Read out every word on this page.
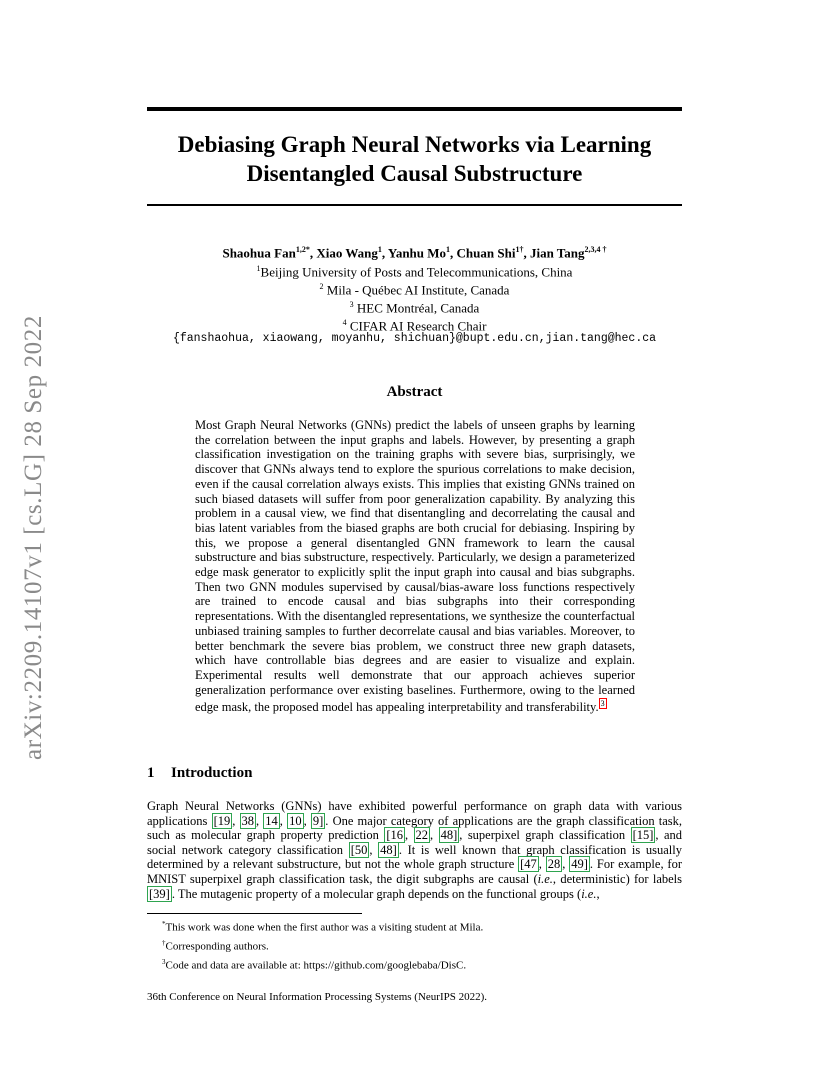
arXiv:2209.14107v1 [cs.LG] 28 Sep 2022
Debiasing Graph Neural Networks via Learning
Disentangled Causal Substructure
Shaohua Fan$^{1,2*}$, Xiao Wang$^1$, Yanhu Mo$^1$, Chuan Shi$^{1\dagger}$, Jian Tang$^{2,3,4 \dagger}$
$^1$Beijing University of Posts and Telecommunications, China
$^2$ Mila - Québec AI Institute, Canada
$^3$ HEC Montréal, Canada
$^4$ CIFAR AI Research Chair
{fanshaohua, xiaowang, moyanhu, shichuan}@bupt.edu.cn,jian.tang@hec.ca
Abstract
Most Graph Neural Networks (GNNs) predict the labels of unseen graphs by learning the correlation between the input graphs and labels. However, by presenting a graph classification investigation on the training graphs with severe bias, surprisingly, we discover that GNNs always tend to explore the spurious correlations to make decision, even if the causal correlation always exists. This implies that existing GNNs trained on such biased datasets will suffer from poor generalization capability. By analyzing this problem in a causal view, we find that disentangling and decorrelating the causal and bias latent variables from the biased graphs are both crucial for debiasing. Inspiring by this, we propose a general disentangled GNN framework to learn the causal substructure and bias substructure, respectively. Particularly, we design a parameterized edge mask generator to explicitly split the input graph into causal and bias subgraphs. Then two GNN modules supervised by causal/bias-aware loss functions respectively are trained to encode causal and bias subgraphs into their corresponding representations. With the disentangled representations, we synthesize the counterfactual unbiased training samples to further decorrelate causal and bias variables. Moreover, to better benchmark the severe bias problem, we construct three new graph datasets, which have controllable bias degrees and are easier to visualize and explain. Experimental results well demonstrate that our approach achieves superior generalization performance over existing baselines. Furthermore, owing to the learned edge mask, the proposed model has appealing interpretability and transferability. $^3$
1 Introduction
Graph Neural Networks (GNNs) have exhibited powerful performance on graph data with various applications [19 , 38 , 14 , 10 , 9] . One major category of applications are the graph classification task, such as molecular graph property prediction [16 , 22 , 48] , superpixel graph classification [15] , and social network category classification [50 , 48] . It is well known that graph classification is usually determined by a relevant substructure, but not the whole graph structure [47 , 28 , 49] . For example, for MNIST superpixel graph classification task, the digit subgraphs are causal (i.e., deterministic) for labels [39] . The mutagenic property of a molecular graph depends on the functional groups (i.e.,
*This work was done when the first author was a visiting student at Mila.
†Corresponding authors.
$^3$Code and data are available at: https://github.com/googlebaba/DisC.
36th Conference on Neural Information Processing Systems (NeurIPS 2022).
